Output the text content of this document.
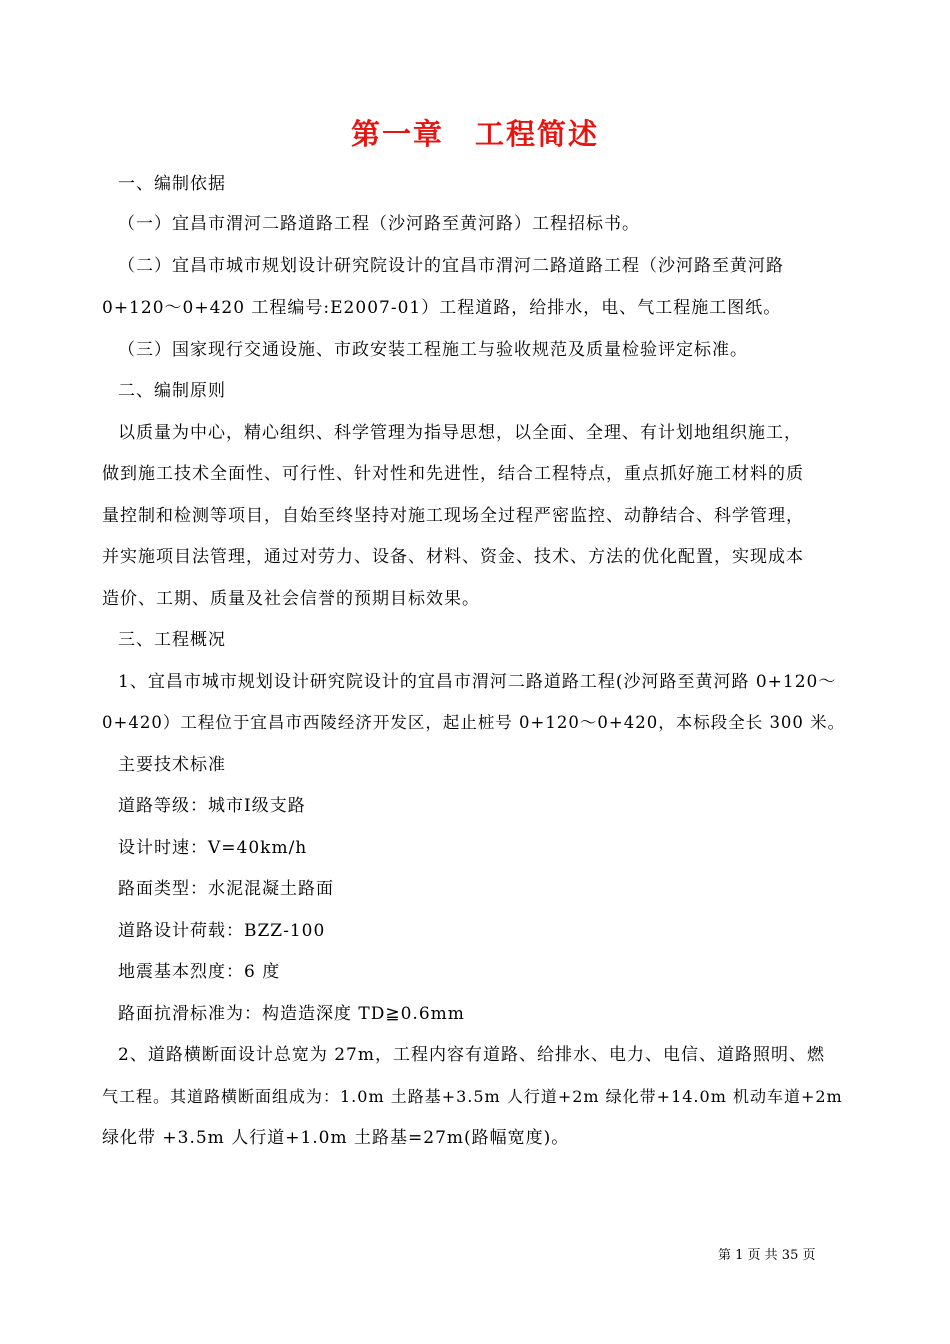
第一章　工程简述
一、编制依据
（一）宜昌市渭河二路道路工程（沙河路至黄河路）工程招标书。
（二）宜昌市城市规划设计研究院设计的宜昌市渭河二路道路工程（沙河路至黄河路
0+120～0+420 工程编号:E2007-01）工程道路，给排水，电、气工程施工图纸。
（三）国家现行交通设施、市政安装工程施工与验收规范及质量检验评定标准。
二、编制原则
以质量为中心，精心组织、科学管理为指导思想，以全面、全理、有计划地组织施工，
做到施工技术全面性、可行性、针对性和先进性，结合工程特点，重点抓好施工材料的质
量控制和检测等项目，自始至终坚持对施工现场全过程严密监控、动静结合、科学管理，
并实施项目法管理，通过对劳力、设备、材料、资金、技术、方法的优化配置，实现成本
造价、工期、质量及社会信誉的预期目标效果。
三、工程概况
1、宜昌市城市规划设计研究院设计的宜昌市渭河二路道路工程(沙河路至黄河路 0+120～
0+420）工程位于宜昌市西陵经济开发区，起止桩号 0+120～0+420，本标段全长 300 米。
主要技术标准
道路等级：城市Ⅰ级支路
设计时速：V=40km/h
路面类型：水泥混凝土路面
道路设计荷载：BZZ-100
地震基本烈度：6 度
路面抗滑标准为：构造造深度 TD≧0.6mm
2、道路横断面设计总宽为 27m，工程内容有道路、给排水、电力、电信、道路照明、燃
气工程。其道路横断面组成为：1.0m 土路基+3.5m 人行道+2m 绿化带+14.0m 机动车道+2m
绿化带 +3.5m 人行道+1.0m 土路基=27m(路幅宽度)。
第 1 页 共 35 页
